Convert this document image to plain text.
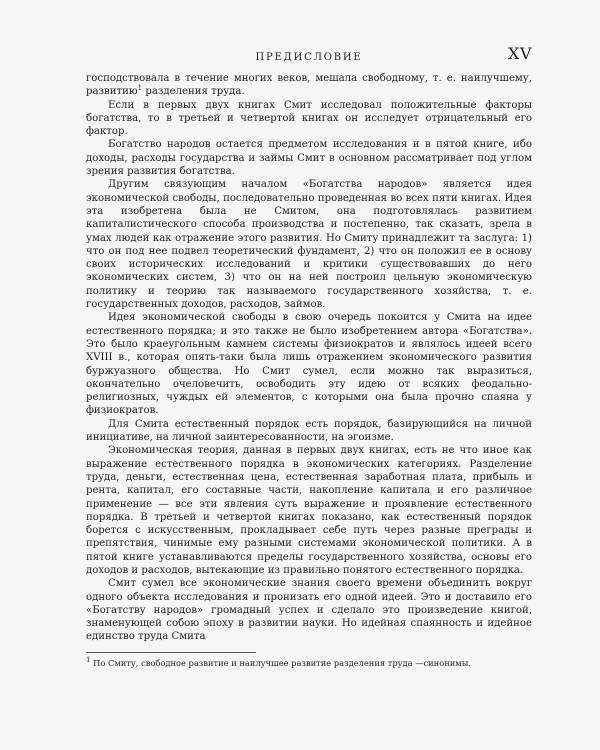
ПРЕДИСЛОВИЕ	XV

господствовала в течение многих веков, мешала свободному, т. е. наилучшему, развитию$^1$ разделения труда.

Если в первых двух книгах Смит исследовал положительные факторы богатства, то в третьей и четвертой книгах он исследует отрицательный его фактор.

Богатство народов остается предметом исследования и в пятой книге, ибо доходы, расходы государства и займы Смит в основном рассматривает под углом зрения развития богатства.

Другим связующим началом «Богатства народов» является идея экономической свободы, последовательно проведенная во всех пяти книгах. Идея эта изобретена была не Смитом, она подготовлялась развитием капиталистического способа производства и постепенно, так сказать, зрела в умах людей как отражение этого развития. Но Смиту принадлежит та заслуга: 1) что он под нее подвел теоретический фундамент, 2) что он положил ее в основу своих исторических исследований и критики существовавших до него экономических систем, 3) что он на ней построил цельную экономическую политику и теорию так называемого государственного хозяйства, т. е. государственных доходов, расходов, займов.

Идея экономической свободы в свою очередь покоится у Смита на идее естественного порядка; и это также не было изобретением автора «Богатства». Это было краеугольным камнем системы физиократов и являлось идеей всего XVIII в., которая опять-таки была лишь отражением экономического развития буржуазного общества. Но Смит сумел, если можно так выразиться, окончательно очеловечить, освободить эту идею от всяких феодально-религиозных, чуждых ей элементов, с которыми она была прочно спаяна у физиократов.

Для Смита естественный порядок есть порядок, базирующийся на личной инициативе, на личной заинтересованности, на эгоизме.

Экономическая теория, данная в первых двух книгах, есть не что иное как выражение естественного порядка в экономических категориях. Разделение труда, деньги, естественная цена, естественная заработная плата, прибыль и рента, капитал, его составные части, накопление капитала и его различное применение — все эти явления суть выражение и проявление естественного порядка. В третьей и четвертой книгах показано, как естественный порядок борется с искусственным, прокладывает себе путь через разные преграды и препятствия, чинимые ему разными системами экономической политики. А в пятой книге устанавливаются пределы государственного хозяйства, основы его доходов и расходов, вытекающие из правильно понятого естественного порядка.

Смит сумел все экономические знания своего времени объединить вокруг одного объекта исследования и пронизать его одной идеей. Это и доставило его «Богатству народов» громадный успех и сделало это произведение книгой, знаменующей собою эпоху в развитии науки. Но идейная спаянность и идейное единство труда Смита

$^1$ По Смиту, свободное развитие и наилучшее развитие разделения труда —синонимы.
